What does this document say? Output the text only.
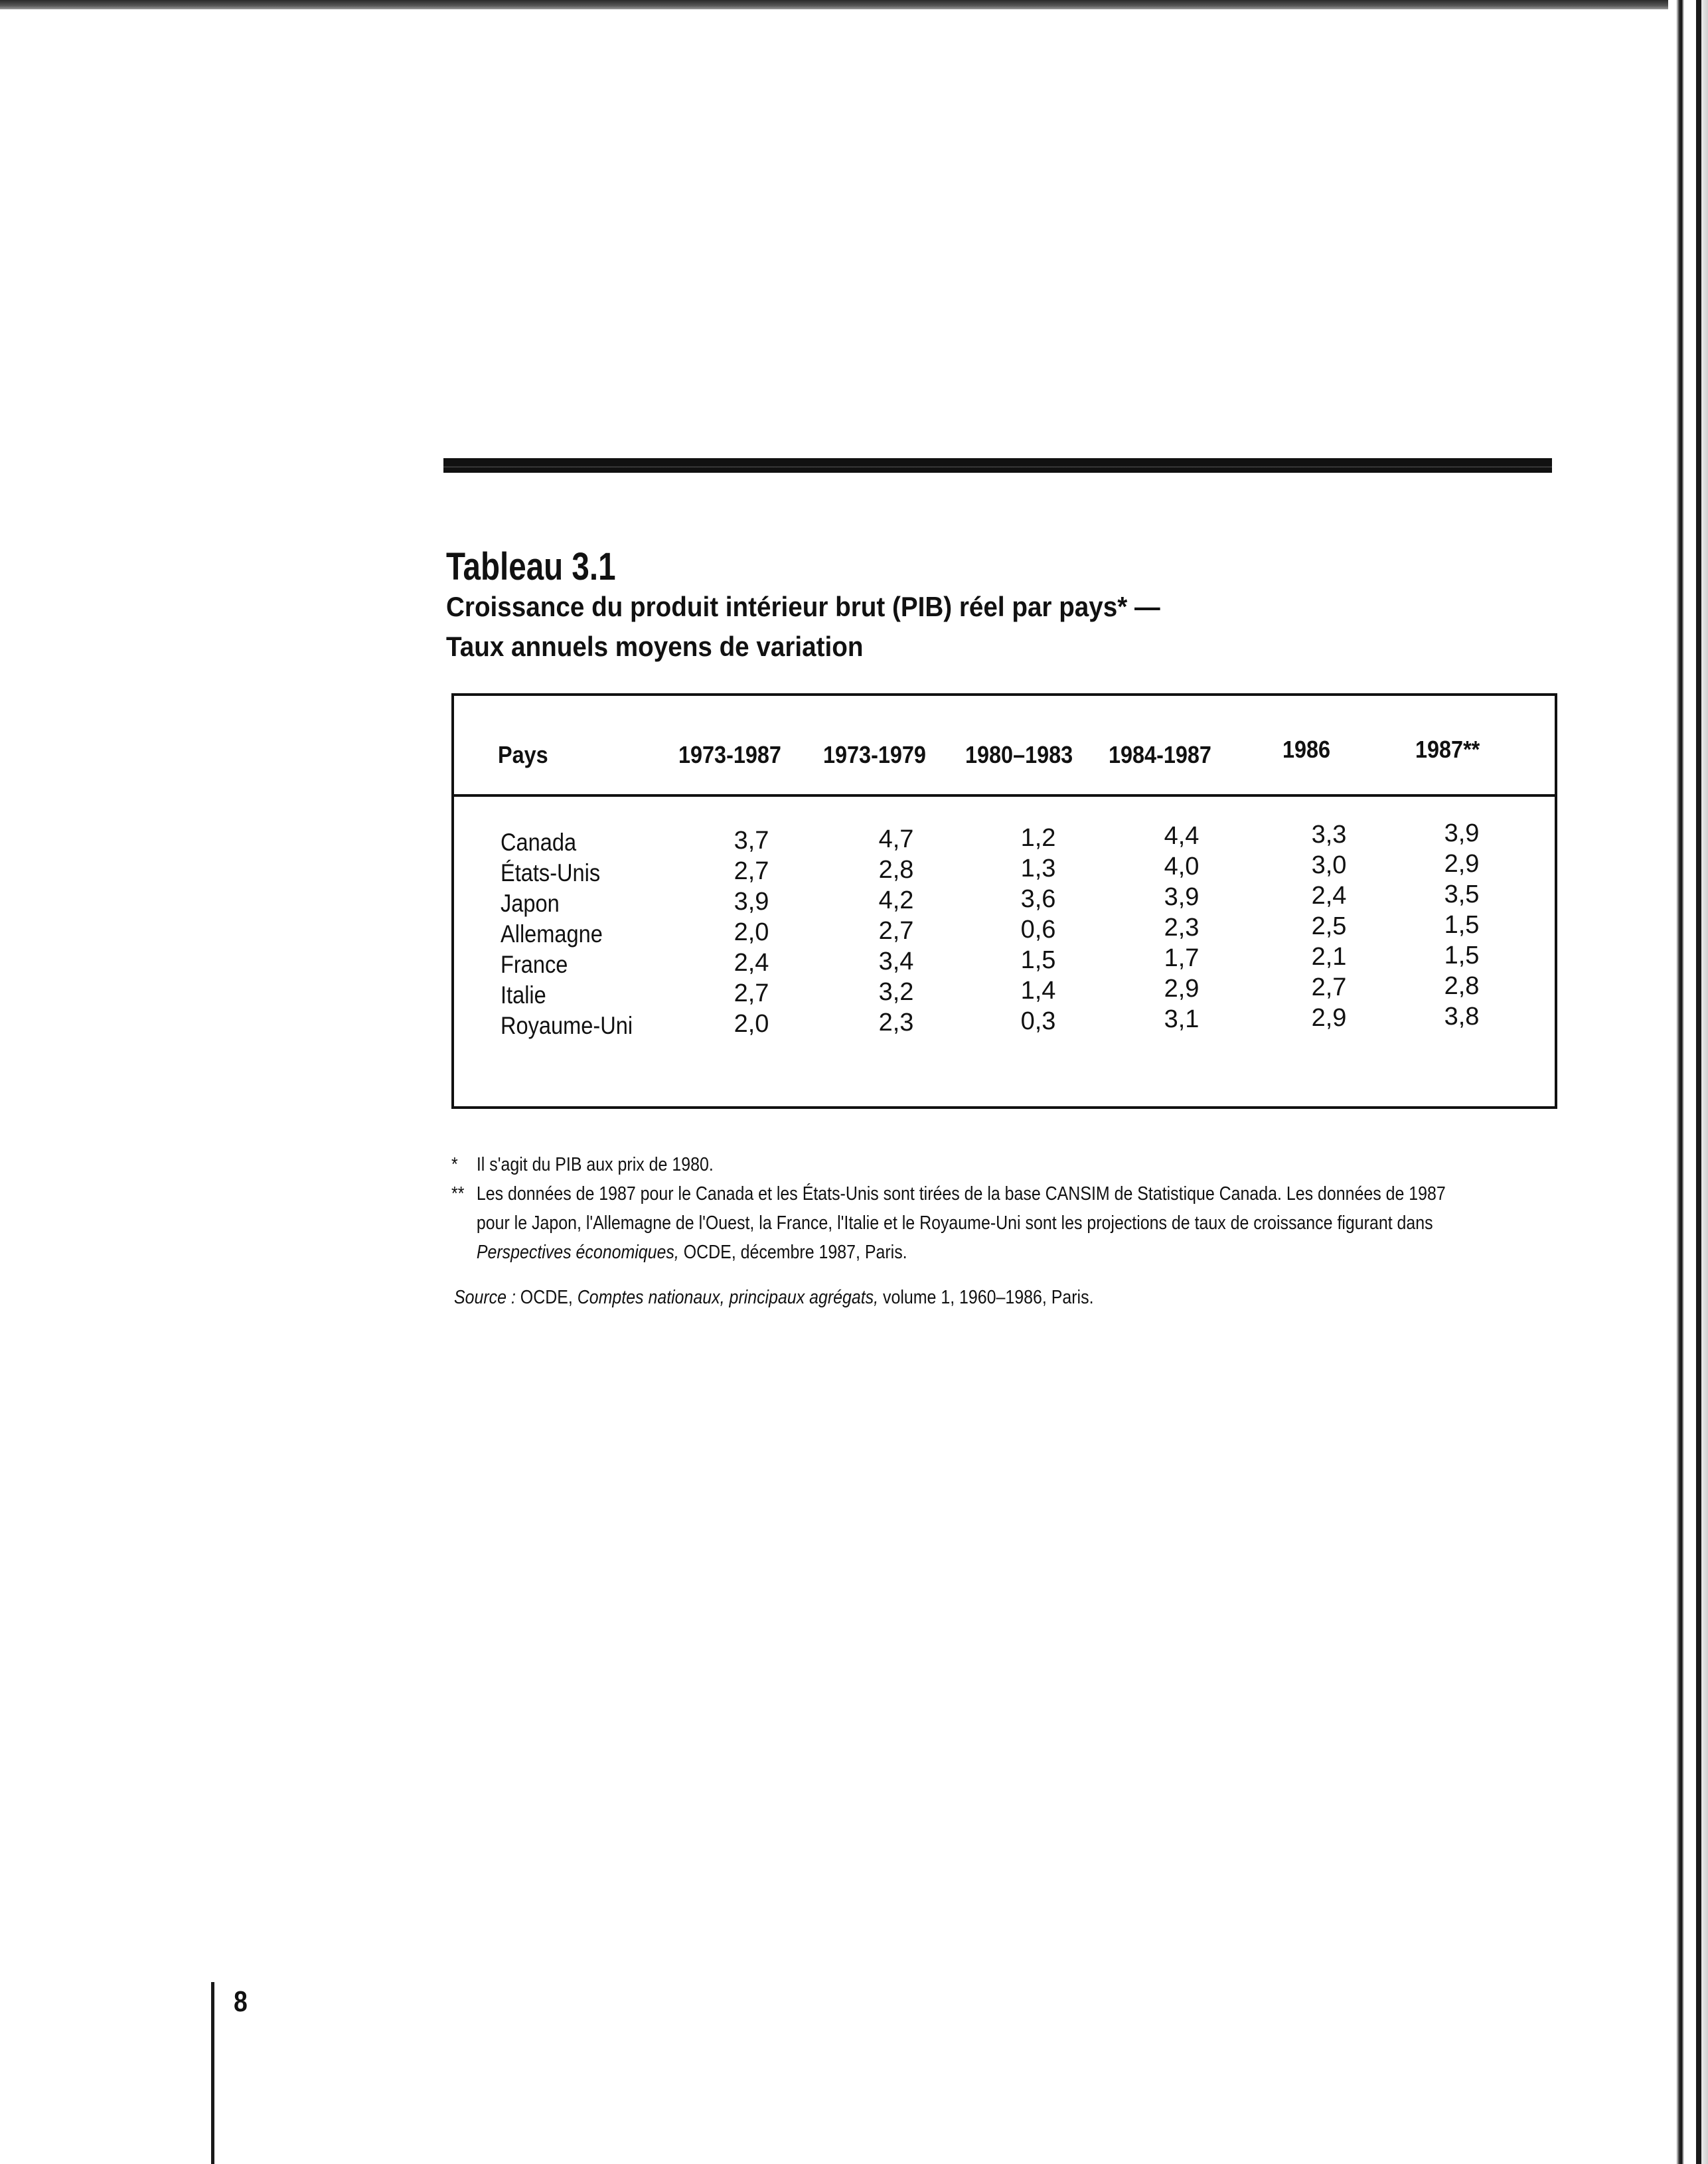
Tableau 3.1
Croissance du produit intérieur brut (PIB) réel par pays* —
Taux annuels moyens de variation
Pays	1973-1987 1973-1979 1980–1983 1984-1987	1986	1987**
Canada	3,7	4,7	1,2	4,4	3,3	3,9
États-Unis	2,7	2,8	1,3	4,0	3,0	2,9
Japon	3,9	4,2	3,6	3,9	2,4	3,5
Allemagne	2,0	2,7	0,6	2,3	2,5	1,5
France	2,4	3,4	1,5	1,7	2,1	1,5
Italie	2,7	3,2	1,4	2,9	2,7	2,8
Royaume-Uni	2,0	2,3	0,3	3,1	2,9	3,8
* Il s'agit du PIB aux prix de 1980.
** Les données de 1987 pour le Canada et les États-Unis sont tirées de la base CANSIM de Statistique Canada. Les données de 1987
pour le Japon, l'Allemagne de l'Ouest, la France, l'Italie et le Royaume-Uni sont les projections de taux de croissance figurant dans
Perspectives économiques, OCDE, décembre 1987, Paris.
Source : OCDE, Comptes nationaux, principaux agrégats, volume 1, 1960–1986, Paris.
8
